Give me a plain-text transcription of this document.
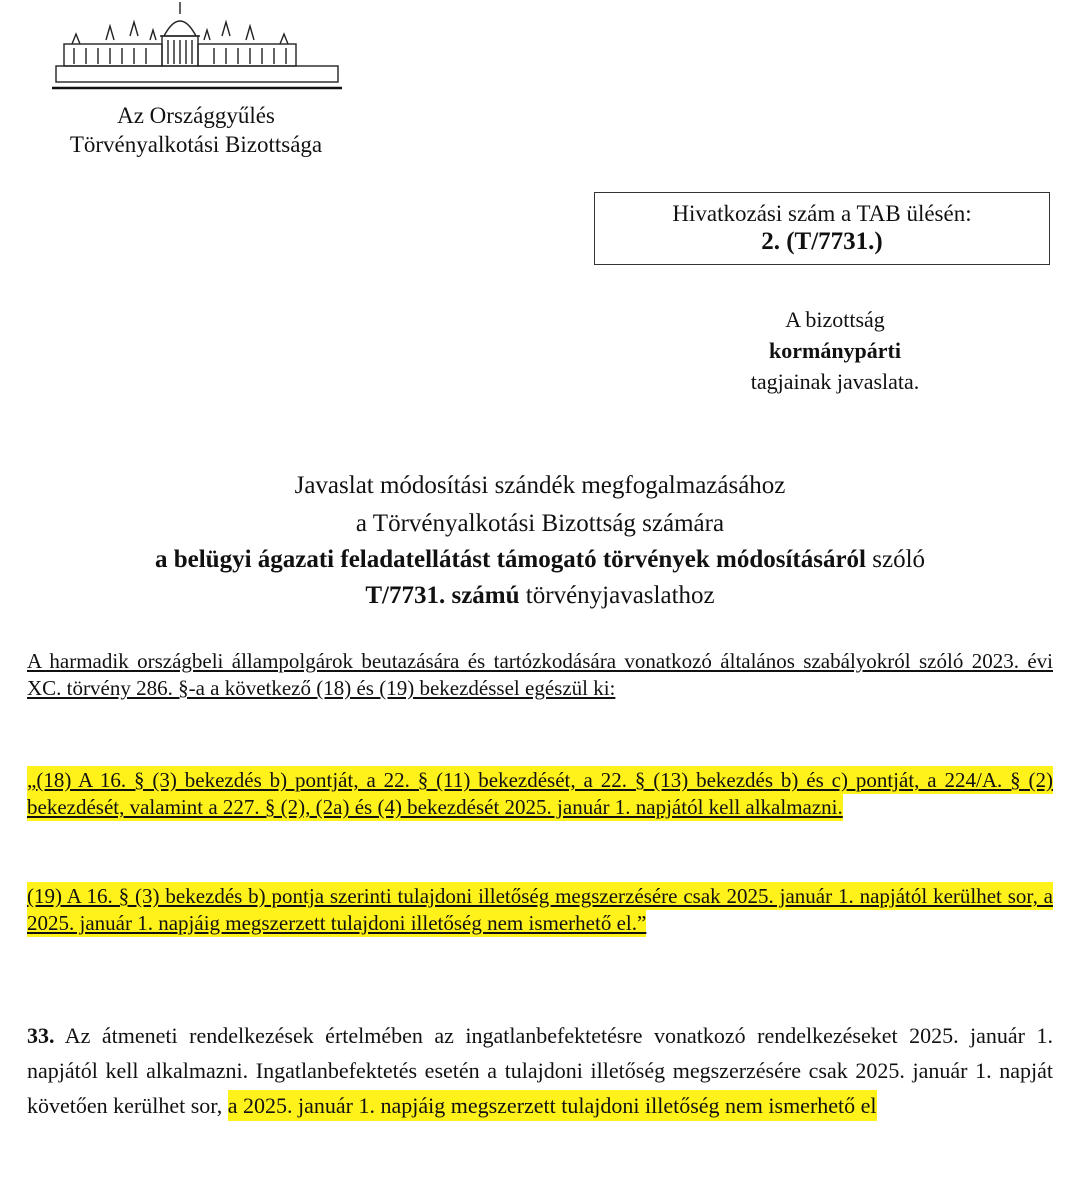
Az Országgyűlés
Törvényalkotási Bizottsága
Hivatkozási szám a TAB ülésén:
2. (T/7731.)
A bizottság
kormánypárti
tagjainak javaslata.
Javaslat módosítási szándék megfogalmazásához
a Törvényalkotási Bizottság számára
a belügyi ágazati feladatellátást támogató törvények módosításáról szóló
T/7731. számú törvényjavaslathoz
A harmadik országbeli állampolgárok beutazására és tartózkodására vonatkozó általános szabályokról szóló 2023. évi XC. törvény 286. §-a a következő (18) és (19) bekezdéssel egészül ki:
„(18) A 16. § (3) bekezdés b) pontját, a 22. § (11) bekezdését, a 22. § (13) bekezdés b) és c) pontját, a 224/A. § (2) bekezdését, valamint a 227. § (2), (2a) és (4) bekezdését 2025. január 1. napjától kell alkalmazni.
(19) A 16. § (3) bekezdés b) pontja szerinti tulajdoni illetőség megszerzésére csak 2025. január 1. napjától kerülhet sor, a 2025. január 1. napjáig megszerzett tulajdoni illetőség nem ismerhető el.”
33. Az átmeneti rendelkezések értelmében az ingatlanbefektetésre vonatkozó rendelkezéseket 2025. január 1. napjától kell alkalmazni. Ingatlanbefektetés esetén a tulajdoni illetőség megszerzésére csak 2025. január 1. napját követően kerülhet sor, a 2025. január 1. napjáig megszerzett tulajdoni illetőség nem ismerhető el
